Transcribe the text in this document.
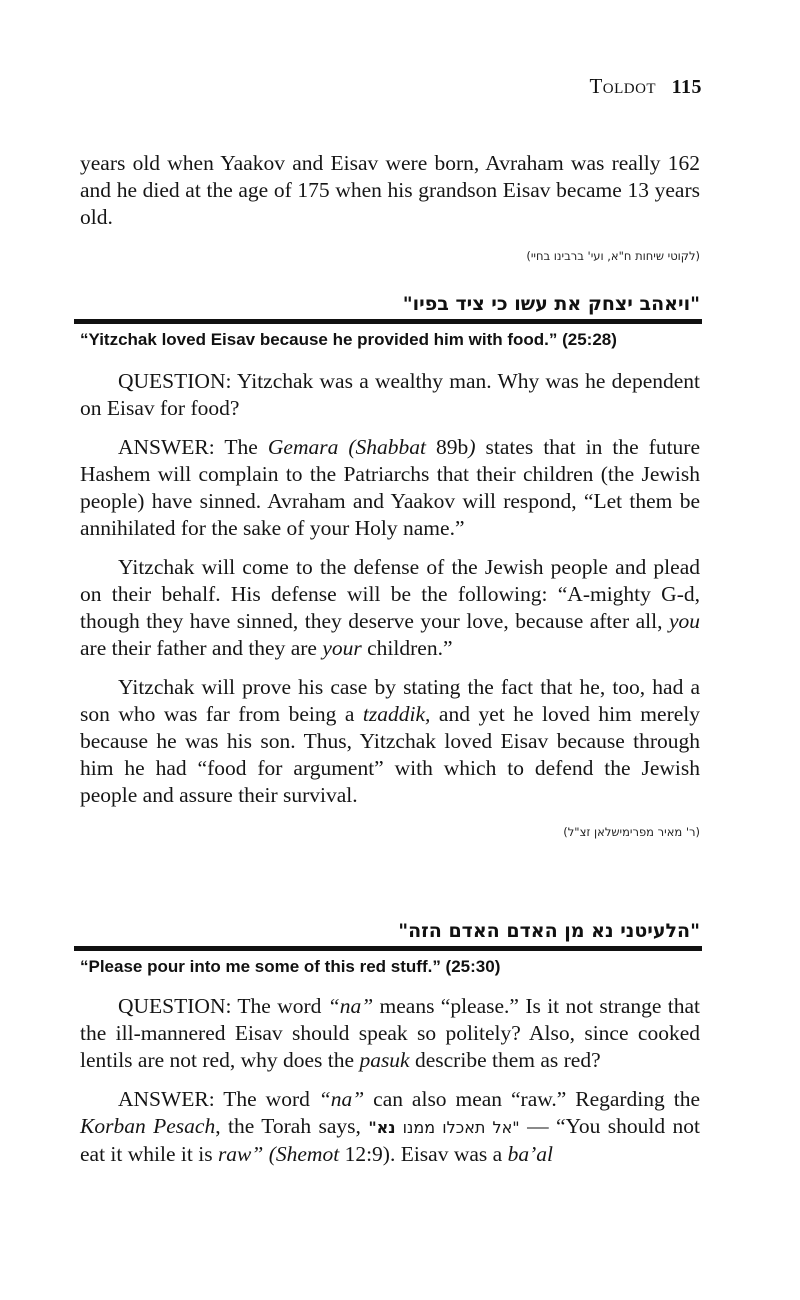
Toldot 115

years old when Yaakov and Eisav were born, Avraham was really 162 and he died at the age of 175 when his grandson Eisav became 13 years old.

(לקוטי שיחות ח"א, ועי' ברבינו בחיי)

"ויאהב יצחק את עשו כי ציד בפיו"

“Yitzchak loved Eisav because he provided him with food.” (25:28)

QUESTION: Yitzchak was a wealthy man. Why was he dependent on Eisav for food?

ANSWER: The Gemara (Shabbat 89b) states that in the future Hashem will complain to the Patriarchs that their children (the Jewish people) have sinned. Avraham and Yaakov will respond, “Let them be annihilated for the sake of your Holy name.”

Yitzchak will come to the defense of the Jewish people and plead on their behalf. His defense will be the following: “A-mighty G-d, though they have sinned, they deserve your love, because after all, you are their father and they are your children.”

Yitzchak will prove his case by stating the fact that he, too, had a son who was far from being a tzaddik, and yet he loved him merely because he was his son. Thus, Yitzchak loved Eisav because through him he had “food for argument” with which to defend the Jewish people and assure their survival.

(ר' מאיר מפרימישלאן זצ"ל)

"הלעיטני נא מן האדם האדם הזה"

“Please pour into me some of this red stuff.” (25:30)

QUESTION: The word “na” means “please.” Is it not strange that the ill-mannered Eisav should speak so politely? Also, since cooked lentils are not red, why does the pasuk describe them as red?

ANSWER: The word “na” can also mean “raw.” Regarding the Korban Pesach, the Torah says, "אל תאכלו ממנו נא"	— “You should not eat it while it is raw” (Shemot 12:9). Eisav was a ba’al
